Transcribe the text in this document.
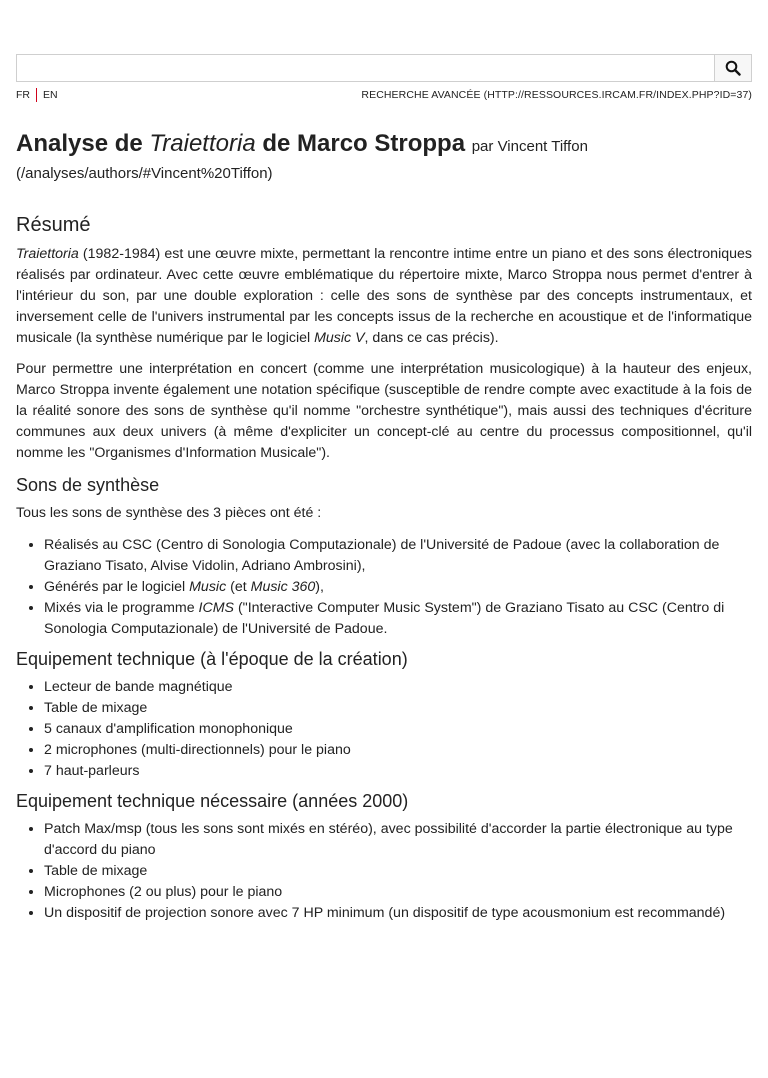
FR EN	RECHERCHE AVANCÉE (HTTP://RESSOURCES.IRCAM.FR/INDEX.PHP?ID=37)
Analyse de Traiettoria de Marco Stroppa par Vincent Tiffon
(/analyses/authors/#Vincent%20Tiffon)
Résumé

Traiettoria (1982-1984) est une œuvre mixte, permettant la rencontre intime entre un piano et des sons électroniques réalisés par ordinateur. Avec cette œuvre emblématique du répertoire mixte, Marco Stroppa nous permet d'entrer à l'intérieur du son, par une double exploration : celle des sons de synthèse par des concepts instrumentaux, et inversement celle de l'univers instrumental par les concepts issus de la recherche en acoustique et de l'informatique musicale (la synthèse numérique par le logiciel Music V, dans ce cas précis).

Pour permettre une interprétation en concert (comme une interprétation musicologique) à la hauteur des enjeux, Marco Stroppa invente également une notation spécifique (susceptible de rendre compte avec exactitude à la fois de la réalité sonore des sons de synthèse qu'il nomme "orchestre synthétique"), mais aussi des techniques d'écriture communes aux deux univers (à même d'expliciter un concept-clé au centre du processus compositionnel, qu'il nomme les "Organismes d'Information Musicale").

Sons de synthèse

Tous les sons de synthèse des 3 pièces ont été :

• Réalisés au CSC (Centro di Sonologia Computazionale) de l'Université de Padoue (avec la collaboration de Graziano Tisato, Alvise Vidolin, Adriano Ambrosini),
• Générés par le logiciel Music (et Music 360),
• Mixés via le programme ICMS ("Interactive Computer Music System") de Graziano Tisato au CSC (Centro di Sonologia Computazionale) de l'Université de Padoue.
Equipement technique (à l'époque de la création)
• Lecteur de bande magnétique
• Table de mixage
• 5 canaux d'amplification monophonique
• 2 microphones (multi-directionnels) pour le piano
• 7 haut-parleurs
Equipement technique nécessaire (années 2000)
• Patch Max/msp (tous les sons sont mixés en stéréo), avec possibilité d'accorder la partie électronique au type d'accord du piano
• Table de mixage
• Microphones (2 ou plus) pour le piano
• Un dispositif de projection sonore avec 7 HP minimum (un dispositif de type acousmonium est recommandé)
